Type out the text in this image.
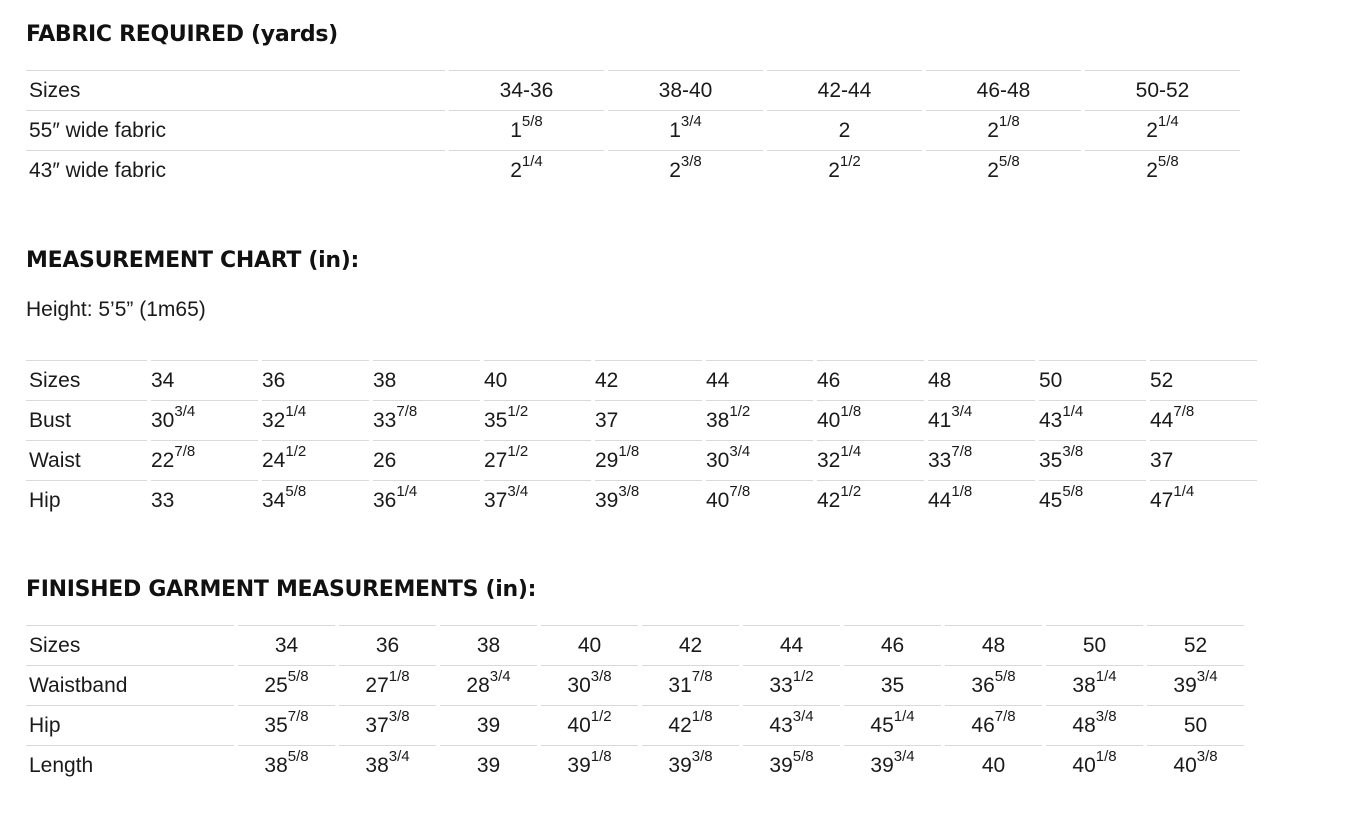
FABRIC REQUIRED (yards)
Sizes	34-36	38-40	42-44	46-48	50-52
55″ wide fabric	$1^{5/8}$	$1^{3/4}$	2	$2^{1/8}$	$2^{1/4}$
43″ wide fabric	$2^{1/4}$	$2^{3/8}$	$2^{1/2}$	$2^{5/8}$	$2^{5/8}$
MEASUREMENT CHART (in):

Height: 5’5” (1m65)

Sizes	34	36	38	40	42	44	46	48	50	52
Bust	$30^{3/4}$	$32^{1/4}$	$33^{7/8}$	$35^{1/2}$	37	$38^{1/2}$	$40^{1/8}$	$41^{3/4}$	$43^{1/4}$	$44^{7/8}$
Waist	$22^{7/8}$	$24^{1/2}$	26	$27^{1/2}$	$29^{1/8}$	$30^{3/4}$	$32^{1/4}$	$33^{7/8}$	$35^{3/8}$	37
Hip	33	$34^{5/8}$	$36^{1/4}$	$37^{3/4}$	$39^{3/8}$	$40^{7/8}$	$42^{1/2}$	$44^{1/8}$	$45^{5/8}$	$47^{1/4}$
FINISHED GARMENT MEASUREMENTS (in):
Sizes	34	36	38	40	42	44	46	48	50	52
Waistband	$25^{5/8}$	$27^{1/8}$	$28^{3/4}$	$30^{3/8}$	$31^{7/8}$	$33^{1/2}$	35	$36^{5/8}$	$38^{1/4}$	$39^{3/4}$
Hip	$35^{7/8}$	$37^{3/8}$	39	$40^{1/2}$	$42^{1/8}$	$43^{3/4}$	$45^{1/4}$	$46^{7/8}$	$48^{3/8}$	50
Length	$38^{5/8}$	$38^{3/4}$	39	$39^{1/8}$	$39^{3/8}$	$39^{5/8}$	$39^{3/4}$	40	$40^{1/8}$	$40^{3/8}$
